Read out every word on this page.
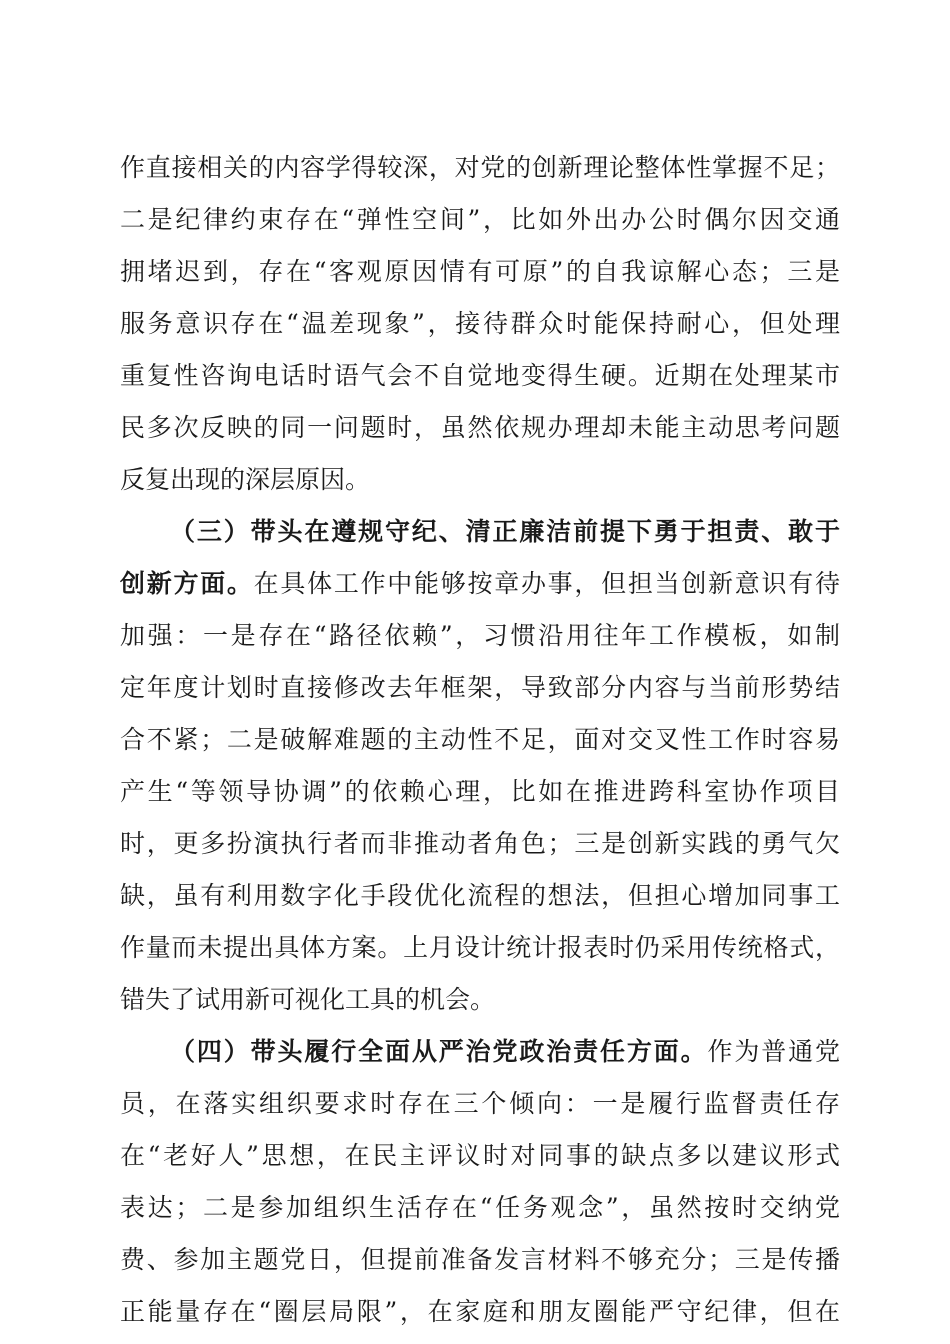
作直接相关的内容学得较深，对党的创新理论整体性掌握不足；
二是纪律约束存在“弹性空间”，比如外出办公时偶尔因交通
拥堵迟到，存在“客观原因情有可原”的自我谅解心态；三是
服务意识存在“温差现象”，接待群众时能保持耐心，但处理
重复性咨询电话时语气会不自觉地变得生硬。近期在处理某市
民多次反映的同一问题时，虽然依规办理却未能主动思考问题
反复出现的深层原因。
（三）带头在遵规守纪、清正廉洁前提下勇于担责、敢于
创新方面。在具体工作中能够按章办事，但担当创新意识有待
加强：一是存在“路径依赖”，习惯沿用往年工作模板，如制
定年度计划时直接修改去年框架，导致部分内容与当前形势结
合不紧；二是破解难题的主动性不足，面对交叉性工作时容易
产生“等领导协调”的依赖心理，比如在推进跨科室协作项目
时，更多扮演执行者而非推动者角色；三是创新实践的勇气欠
缺，虽有利用数字化手段优化流程的想法，但担心增加同事工
作量而未提出具体方案。上月设计统计报表时仍采用传统格式，
错失了试用新可视化工具的机会。
（四）带头履行全面从严治党政治责任方面。作为普通党
员，在落实组织要求时存在三个倾向：一是履行监督责任存
在“老好人”思想，在民主评议时对同事的缺点多以建议形式
表达；二是参加组织生活存在“任务观念”，虽然按时交纳党
费、参加主题党日，但提前准备发言材料不够充分；三是传播
正能量存在“圈层局限”，在家庭和朋友圈能严守纪律，但在
